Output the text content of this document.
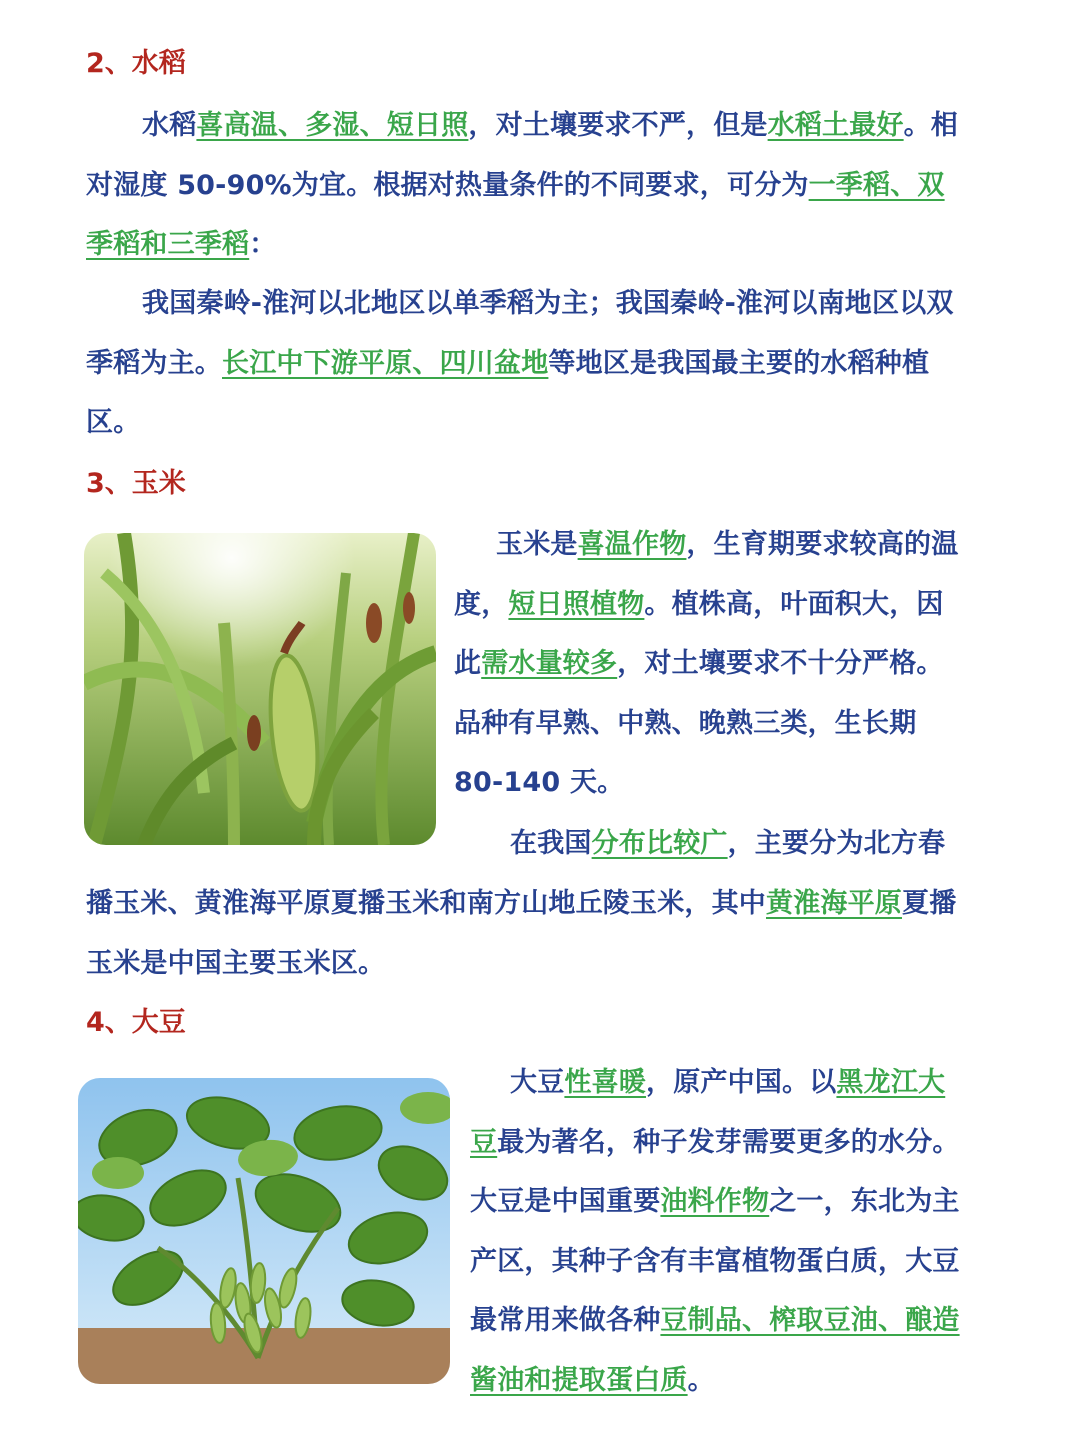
2、水稻

水稻喜高温、多湿、短日照，对土壤要求不严，但是水稻土最好。相对湿度 50-90%为宜。根据对热量条件的不同要求，可分为一季稻、双季稻和三季稻：

我国秦岭-淮河以北地区以单季稻为主；我国秦岭-淮河以南地区以双季稻为主。长江中下游平原、四川盆地等地区是我国最主要的水稻种植区。

3、玉米

玉米是喜温作物，生育期要求较高的温度，短日照植物。植株高，叶面积大，因此需水量较多，对土壤要求不十分严格。品种有早熟、中熟、晚熟三类，生长期 80-140 天。

在我国分布比较广，主要分为北方春

播玉米、黄淮海平原夏播玉米和南方山地丘陵玉米，其中黄淮海平原夏播玉米是中国主要玉米区。

4、大豆

大豆性喜暖，原产中国。以黑龙江大豆最为著名，种子发芽需要更多的水分。大豆是中国重要油料作物之一，东北为主产区，其种子含有丰富植物蛋白质，大豆最常用来做各种豆制品、榨取豆油、酿造酱油和提取蛋白质。
